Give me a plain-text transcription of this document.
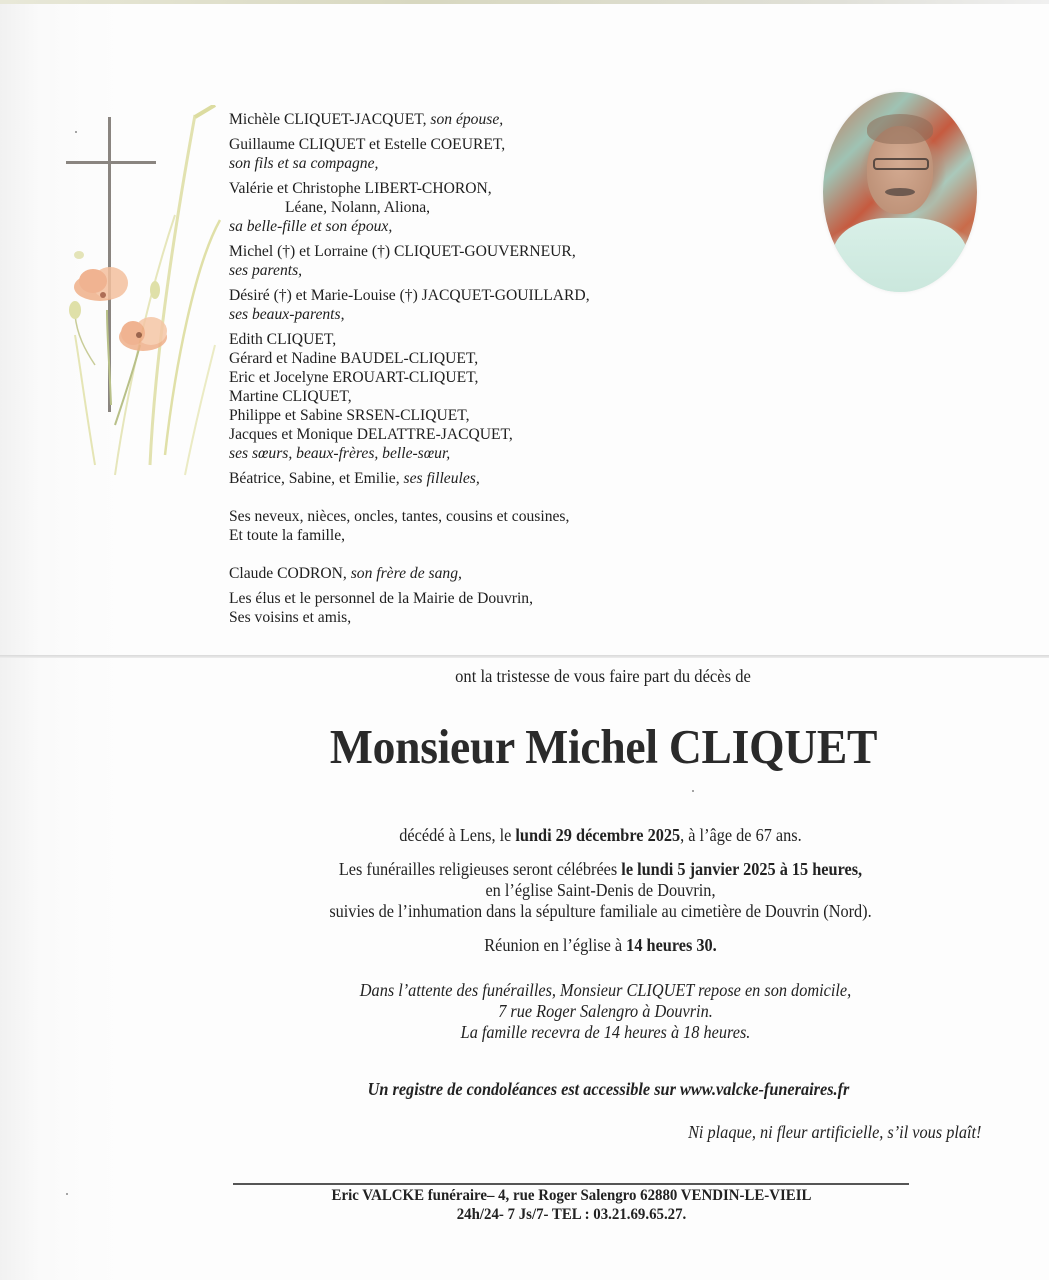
Michèle CLIQUET-JACQUET, son épouse,
Guillaume CLIQUET et Estelle COEURET,
son fils et sa compagne,
Valérie et Christophe LIBERT-CHORON,
Léane, Nolann, Aliona,
sa belle-fille et son époux,
Michel (†) et Lorraine (†) CLIQUET-GOUVERNEUR,
ses parents,
Désiré (†) et Marie-Louise (†) JACQUET-GOUILLARD,
ses beaux-parents,
Edith CLIQUET,
Gérard et Nadine BAUDEL-CLIQUET,
Eric et Jocelyne EROUART-CLIQUET,
Martine CLIQUET,
Philippe et Sabine SRSEN-CLIQUET,
Jacques et Monique DELATTRE-JACQUET,
ses sœurs, beaux-frères, belle-sœur,
Béatrice, Sabine, et Emilie, ses filleules,
Ses neveux, nièces, oncles, tantes, cousins et cousines,
Et toute la famille,
Claude CODRON, son frère de sang,
Les élus et le personnel de la Mairie de Douvrin,
Ses voisins et amis,
ont la tristesse de vous faire part du décès de
Monsieur Michel CLIQUET

décédé à Lens, le lundi 29 décembre 2025, à l’âge de 67 ans.

Les funérailles religieuses seront célébrées le lundi 5 janvier 2025 à 15 heures,
en l’église Saint-Denis de Douvrin,
suivies de l’inhumation dans la sépulture familiale au cimetière de Douvrin (Nord).

Réunion en l’église à 14 heures 30.

Dans l’attente des funérailles, Monsieur CLIQUET repose en son domicile,
7 rue Roger Salengro à Douvrin.
La famille recevra de 14 heures à 18 heures.
Un registre de condoléances est accessible sur www.valcke-funeraires.fr
Ni plaque, ni fleur artificielle, s’il vous plaît!
Eric VALCKE funéraire– 4, rue Roger Salengro 62880 VENDIN-LE-VIEIL
24h/24- 7 Js/7- TEL : 03.21.69.65.27.
